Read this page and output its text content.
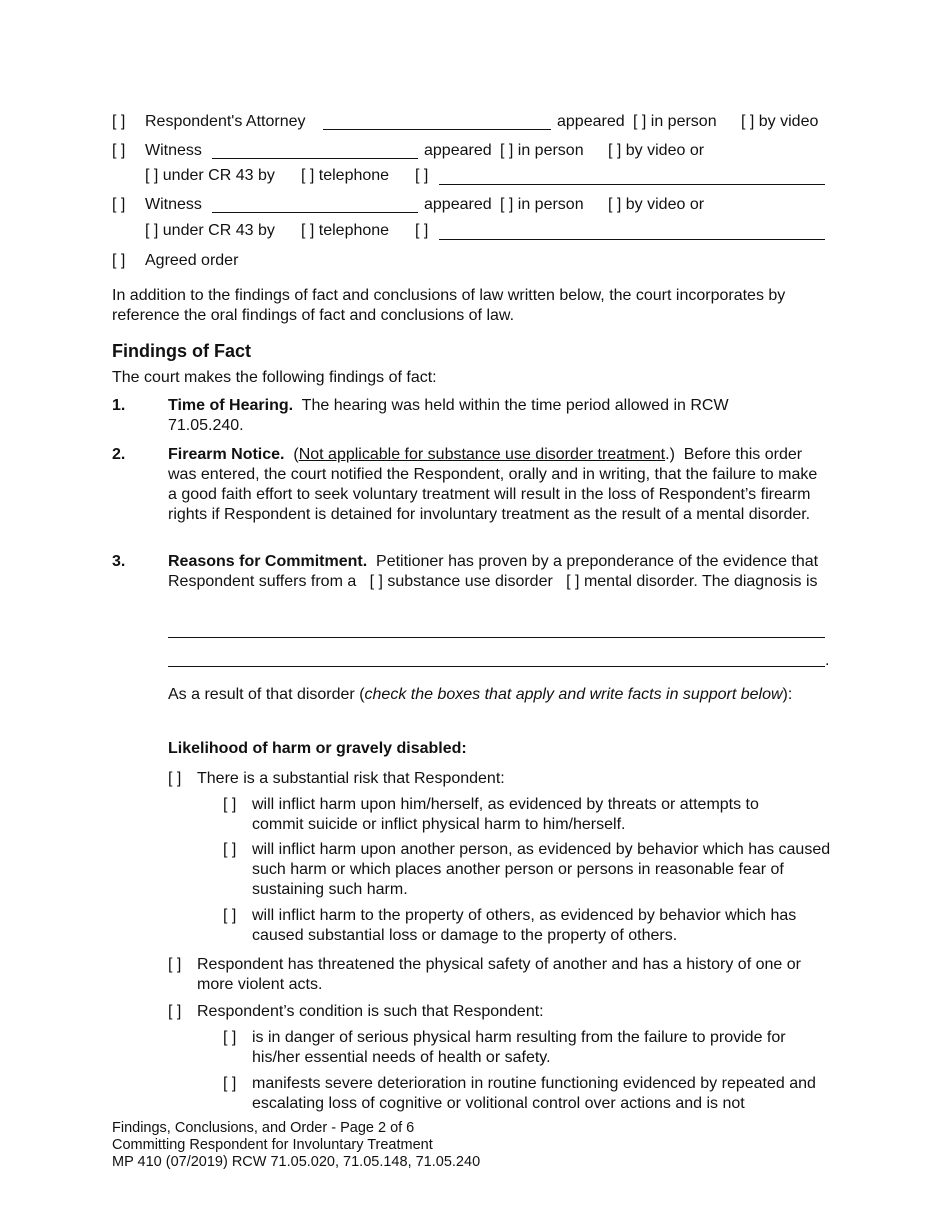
[ ] Respondent's Attorney	appeared [ ] in person [ ] by video
[ ] Witness	appeared [ ] in person [ ] by video or
[ ] under CR 43 by [ ] telephone [ ]
[ ] Witness	appeared [ ] in person [ ] by video or
[ ] under CR 43 by [ ] telephone [ ]
[ ] Agreed order
In addition to the findings of fact and conclusions of law written below, the court incorporates by reference the oral findings of fact and conclusions of law.
Findings of Fact
The court makes the following findings of fact:
1.	Time of Hearing. The hearing was held within the time period allowed in RCW 71.05.240.
2.	Firearm Notice. (Not applicable for substance use disorder treatment.) Before this order was entered, the court notified the Respondent, orally and in writing, that the failure to make a good faith effort to seek voluntary treatment will result in the loss of Respondent’s firearm rights if Respondent is detained for involuntary treatment as the result of a mental disorder.
3.	Reasons for Commitment. Petitioner has proven by a preponderance of the evidence that Respondent suffers from a [ ] substance use disorder [ ] mental disorder. The diagnosis is
.
As a result of that disorder (check the boxes that apply and write facts in support below):
Likelihood of harm or gravely disabled:
[ ] There is a substantial risk that Respondent:
[ ] will inflict harm upon him/herself, as evidenced by threats or attempts to commit suicide or inflict physical harm to him/herself.
[ ] will inflict harm upon another person, as evidenced by behavior which has caused such harm or which places another person or persons in reasonable fear of sustaining such harm.
[ ] will inflict harm to the property of others, as evidenced by behavior which has caused substantial loss or damage to the property of others.
[ ] Respondent has threatened the physical safety of another and has a history of one or more violent acts.
[ ] Respondent’s condition is such that Respondent:
[ ] is in danger of serious physical harm resulting from the failure to provide for his/her essential needs of health or safety.
[ ] manifests severe deterioration in routine functioning evidenced by repeated and escalating loss of cognitive or volitional control over actions and is not
Findings, Conclusions, and Order - Page 2 of 6
Committing Respondent for Involuntary Treatment
MP 410 (07/2019) RCW 71.05.020, 71.05.148, 71.05.240
